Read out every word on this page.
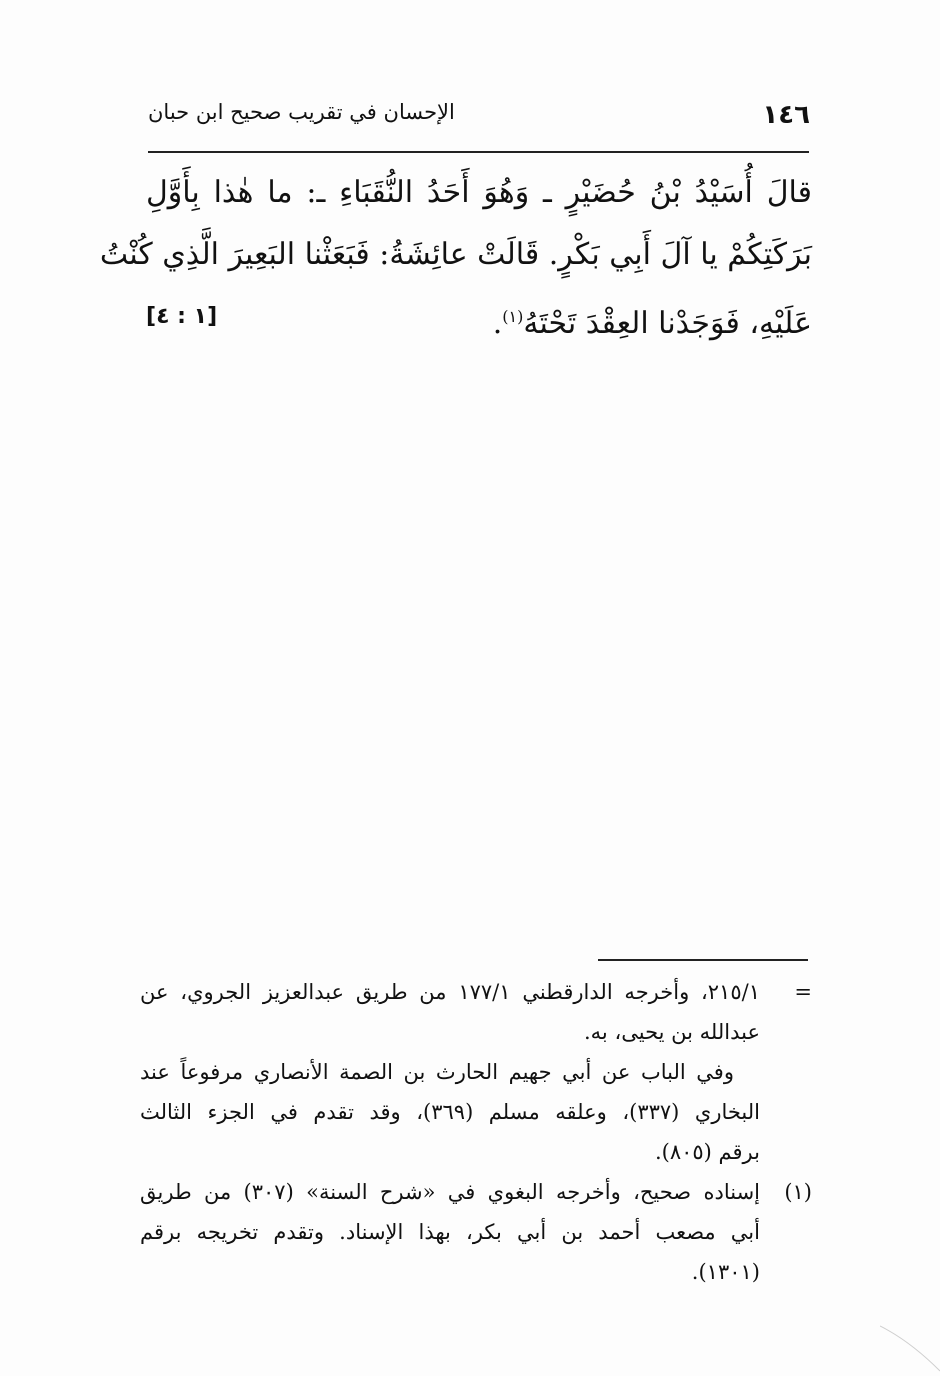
١٤٦
الإحسان في تقريب صحيح ابن حبان
قالَ أُسَيْدُ بْنُ حُضَيْرٍ ـ وَهُوَ أَحَدُ النُّقَبَاءِ ـ: ما هٰذا بِأَوَّلِ
بَرَكَتِكُمْ يا آلَ أَبِي بَكْرٍ. قَالَتْ عائِشَةُ: فَبَعَثْنا البَعِيرَ الَّذِي كُنْتُ
عَلَيْهِ، فَوَجَدْنا العِقْدَ تَحْتَهُ$^{(١)}$.
[١ : ٤]
=
٢١٥/١، وأخرجه الدارقطني ١٧٧/١ من طريق عبدالعزيز الجروي، عن
عبدالله بن يحيى، به.
وفي الباب عن أبي جهيم الحارث بن الصمة الأنصاري مرفوعاً عند
البخاري (٣٣٧)، وعلقه مسلم (٣٦٩)، وقد تقدم في الجزء الثالث
برقم (٨٠٥).
(١)
إسناده صحيح، وأخرجه البغوي في «شرح السنة» (٣٠٧) من طريق
أبي مصعب أحمد بن أبي بكر، بهذا الإسناد. وتقدم تخريجه برقم
(١٣٠١).
